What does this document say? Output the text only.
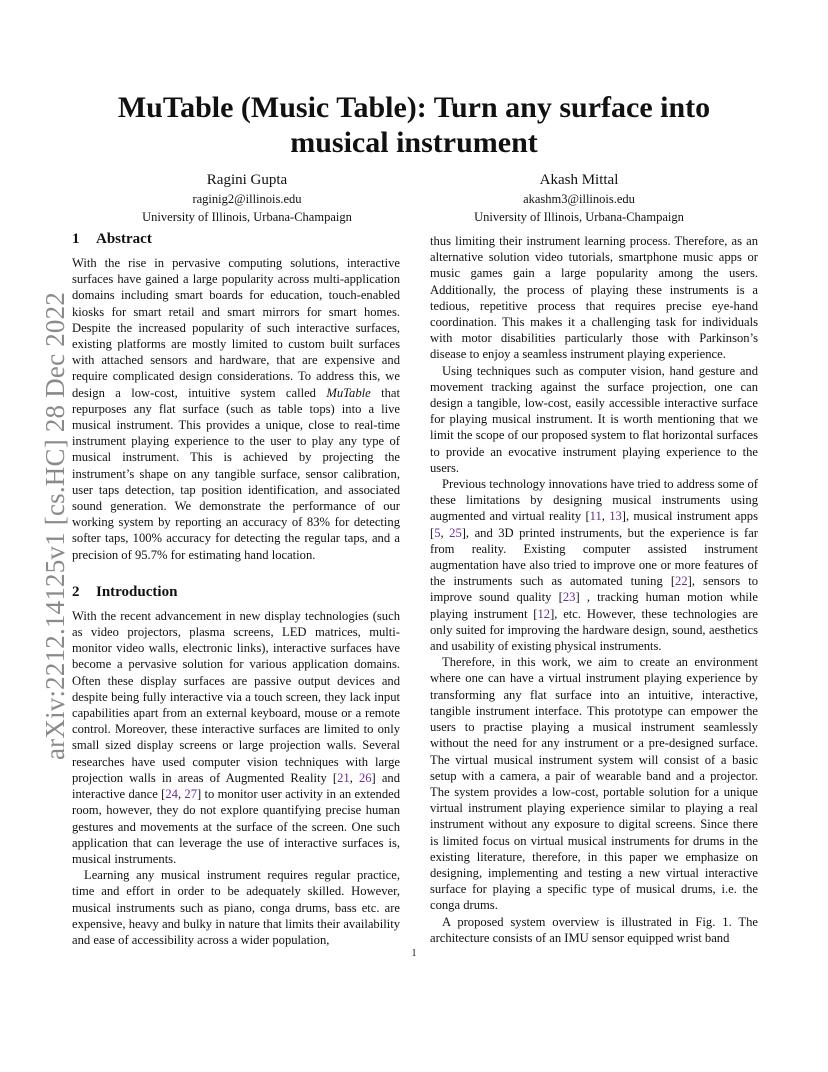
arXiv:2212.14125v1 [cs.HC] 28 Dec 2022
MuTable (Music Table): Turn any surface into musical instrument
Ragini Gupta
raginig2@illinois.edu
University of Illinois, Urbana-Champaign
Akash Mittal
akashm3@illinois.edu
University of Illinois, Urbana-Champaign
1 Abstract

With the rise in pervasive computing solutions, interactive surfaces have gained a large popularity across multi-application domains including smart boards for education, touch-enabled kiosks for smart retail and smart mirrors for smart homes. Despite the increased popularity of such interactive surfaces, existing platforms are mostly limited to custom built surfaces with attached sensors and hardware, that are expensive and require complicated design considerations. To address this, we design a low-cost, intuitive system called MuTable that repurposes any flat surface (such as table tops) into a live musical instrument. This provides a unique, close to real-time instrument playing experience to the user to play any type of musical instrument. This is achieved by projecting the instrument’s shape on any tangible surface, sensor calibration, user taps detection, tap position identification, and associated sound generation. We demonstrate the performance of our working system by reporting an accuracy of 83% for detecting softer taps, 100% accuracy for detecting the regular taps, and a precision of 95.7% for estimating hand location.

2 Introduction

With the recent advancement in new display technologies (such as video projectors, plasma screens, LED matrices, multi-monitor video walls, electronic links), interactive surfaces have become a pervasive solution for various application domains. Often these display surfaces are passive output devices and despite being fully interactive via a touch screen, they lack input capabilities apart from an external keyboard, mouse or a remote control. Moreover, these interactive surfaces are limited to only small sized display screens or large projection walls. Several researches have used computer vision techniques with large projection walls in areas of Augmented Reality [21, 26] and interactive dance [24, 27] to monitor user activity in an extended room, however, they do not explore quantifying precise human gestures and movements at the surface of the screen. One such application that can leverage the use of interactive surfaces is, musical instruments.

Learning any musical instrument requires regular practice, time and effort in order to be adequately skilled. However, musical instruments such as piano, conga drums, bass etc. are expensive, heavy and bulky in nature that limits their availability and ease of accessibility across a wider population,

thus limiting their instrument learning process. Therefore, as an alternative solution video tutorials, smartphone music apps or music games gain a large popularity among the users. Additionally, the process of playing these instruments is a tedious, repetitive process that requires precise eye-hand coordination. This makes it a challenging task for individuals with motor disabilities particularly those with Parkinson’s disease to enjoy a seamless instrument playing experience.

Using techniques such as computer vision, hand gesture and movement tracking against the surface projection, one can design a tangible, low-cost, easily accessible interactive surface for playing musical instrument. It is worth mentioning that we limit the scope of our proposed system to flat horizontal surfaces to provide an evocative instrument playing experience to the users.

Previous technology innovations have tried to address some of these limitations by designing musical instruments using augmented and virtual reality [11, 13], musical instrument apps [5, 25], and 3D printed instruments, but the experience is far from reality. Existing computer assisted instrument augmentation have also tried to improve one or more features of the instruments such as automated tuning [22], sensors to improve sound quality [23] , tracking human motion while playing instrument [12], etc. However, these technologies are only suited for improving the hardware design, sound, aesthetics and usability of existing physical instruments.

Therefore, in this work, we aim to create an environment where one can have a virtual instrument playing experience by transforming any flat surface into an intuitive, interactive, tangible instrument interface. This prototype can empower the users to practise playing a musical instrument seamlessly without the need for any instrument or a pre-designed surface. The virtual musical instrument system will consist of a basic setup with a camera, a pair of wearable band and a projector. The system provides a low-cost, portable solution for a unique virtual instrument playing experience similar to playing a real instrument without any exposure to digital screens. Since there is limited focus on virtual musical instruments for drums in the existing literature, therefore, in this paper we emphasize on designing, implementing and testing a new virtual interactive surface for playing a specific type of musical drums, i.e. the conga drums.

A proposed system overview is illustrated in Fig. 1. The architecture consists of an IMU sensor equipped wrist band

1
